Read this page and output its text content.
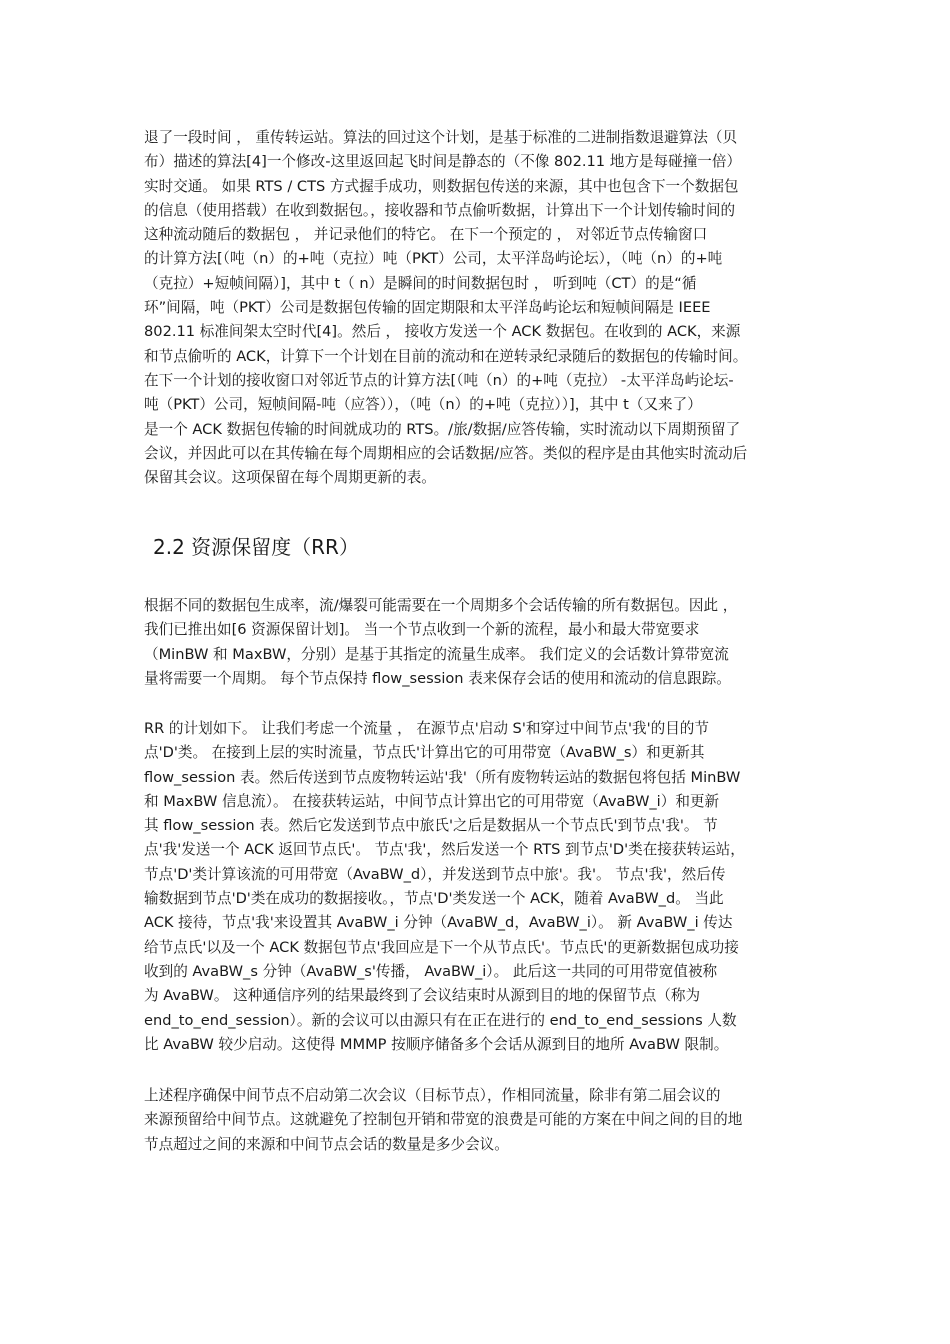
退了一段时间 ， 重传转运站。算法的回过这个计划，是基于标准的二进制指数退避算法（贝
布）描述的算法[4]一个修改-这里返回起飞时间是静态的（不像 802.11 地方是每碰撞一倍）
实时交通。 如果 RTS / CTS 方式握手成功，则数据包传送的来源，其中也包含下一个数据包
的信息（使用搭载）在收到数据包。，接收器和节点偷听数据，计算出下一个计划传输时间的
这种流动随后的数据包 ， 并记录他们的特它。 在下一个预定的 ， 对邻近节点传输窗口
的计算方法[（吨（n）的+吨（克拉）吨（PKT）公司，太平洋岛屿论坛），（吨（n）的+吨
（克拉）+短帧间隔）]，其中 t（ n）是瞬间的时间数据包时 ， 听到吨（CT）的是“循
环”间隔，吨（PKT）公司是数据包传输的固定期限和太平洋岛屿论坛和短帧间隔是 IEEE
802.11 标准间架太空时代[4]。然后 ， 接收方发送一个 ACK 数据包。在收到的 ACK，来源
和节点偷听的 ACK，计算下一个计划在目前的流动和在逆转录纪录随后的数据包的传输时间。
在下一个计划的接收窗口对邻近节点的计算方法[（吨（n）的+吨（克拉） -太平洋岛屿论坛-
吨（PKT）公司，短帧间隔-吨（应答）），（吨（n）的+吨（克拉））]，其中 t（又来了）
是一个 ACK 数据包传输的时间就成功的 RTS。/旅/数据/应答传输，实时流动以下周期预留了
会议，并因此可以在其传输在每个周期相应的会话数据/应答。类似的程序是由其他实时流动后
保留其会议。这项保留在每个周期更新的表。

2.2 资源保留度（RR）

根据不同的数据包生成率，流/爆裂可能需要在一个周期多个会话传输的所有数据包。因此 ，
我们已推出如[6 资源保留计划]。 当一个节点收到一个新的流程，最小和最大带宽要求
（MinBW 和 MaxBW，分别）是基于其指定的流量生成率。 我们定义的会话数计算带宽流
量将需要一个周期。 每个节点保持 flow_session 表来保存会话的使用和流动的信息跟踪。

RR 的计划如下。 让我们考虑一个流量 ， 在源节点'启动 S'和穿过中间节点'我'的目的节
点'D'类。 在接到上层的实时流量，节点氏'计算出它的可用带宽（AvaBW_s）和更新其
flow_session 表。然后传送到节点废物转运站'我'（所有废物转运站的数据包将包括 MinBW
和 MaxBW 信息流）。 在接获转运站，中间节点计算出它的可用带宽（AvaBW_i）和更新
其 flow_session 表。然后它发送到节点中旅氏'之后是数据从一个节点氏'到节点'我'。 节
点'我'发送一个 ACK 返回节点氏'。 节点'我'，然后发送一个 RTS 到节点'D'类在接获转运站，
节点'D'类计算该流的可用带宽（AvaBW_d），并发送到节点中旅'。我'。 节点'我'，然后传
输数据到节点'D'类在成功的数据接收。，节点'D'类发送一个 ACK，随着 AvaBW_d。 当此
ACK 接待，节点'我'来设置其 AvaBW_i 分钟（AvaBW_d，AvaBW_i）。 新 AvaBW_i 传达
给节点氏'以及一个 ACK 数据包节点'我回应是下一个从节点氏'。节点氏'的更新数据包成功接
收到的 AvaBW_s 分钟（AvaBW_s'传播， AvaBW_i）。 此后这一共同的可用带宽值被称
为 AvaBW。 这种通信序列的结果最终到了会议结束时从源到目的地的保留节点（称为
end_to_end_session）。新的会议可以由源只有在正在进行的 end_to_end_sessions 人数
比 AvaBW 较少启动。这使得 MMMP 按顺序储备多个会话从源到目的地所 AvaBW 限制。

上述程序确保中间节点不启动第二次会议（目标节点），作相同流量，除非有第二届会议的
来源预留给中间节点。这就避免了控制包开销和带宽的浪费是可能的方案在中间之间的目的地
节点超过之间的来源和中间节点会话的数量是多少会议。
